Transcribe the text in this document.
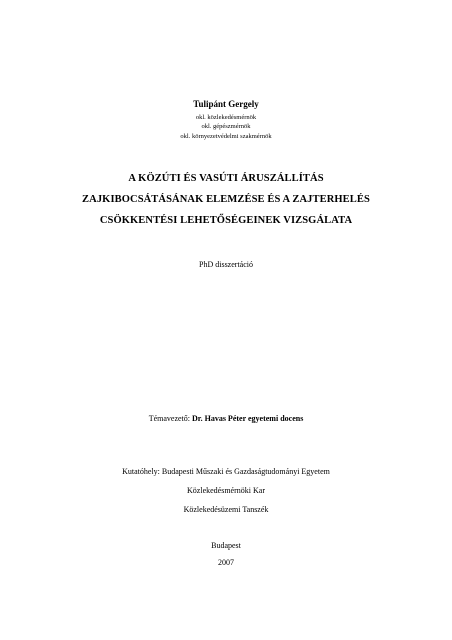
Tulipánt Gergely
okl. közlekedésmérnök
okl. gépészmérnök
okl. környezetvédelmi szakmérnök
A KÖZÚTI ÉS VASÚTI ÁRUSZÁLLÍTÁS
ZAJKIBOCSÁTÁSÁNAK ELEMZÉSE ÉS A ZAJTERHELÉS
CSÖKKENTÉSI LEHETŐSÉGEINEK VIZSGÁLATA
PhD disszertáció
Témavezető: Dr. Havas Péter egyetemi docens
Kutatóhely: Budapesti Műszaki és Gazdaságtudományi Egyetem
Közlekedésmérnöki Kar
Közlekedésüzemi Tanszék
Budapest
2007
